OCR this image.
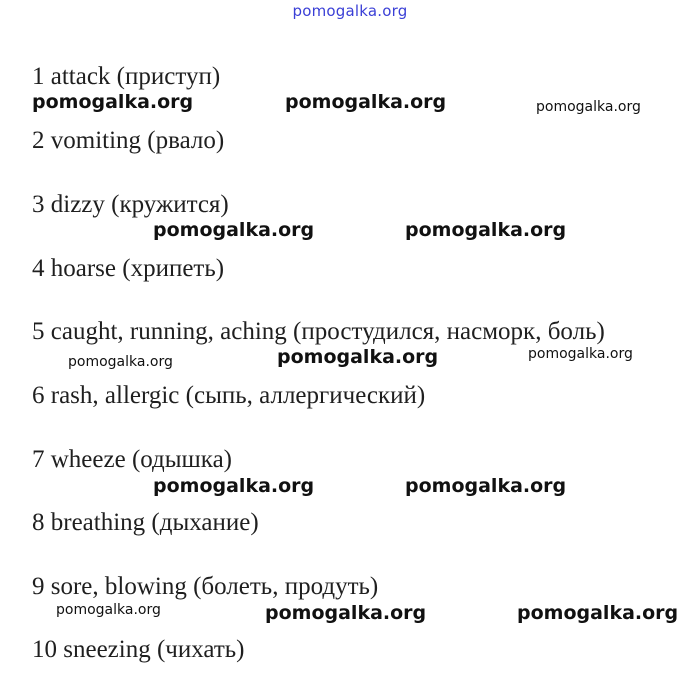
pomogalka.org
1 attack (приступ)
2 vomiting (рвало)
3 dizzy (кружится)
4 hoarse (хрипеть)
5 caught, running, aching (простудился, насморк, боль)
6 rash, allergic (сыпь, аллергический)
7 wheeze (одышка)
8 breathing (дыхание)
9 sore, blowing (болеть, продуть)
10 sneezing (чихать)
pomogalka.org	pomogalka.org	pomogalka.org
pomogalka.org	pomogalka.org
pomogalka.org	pomogalka.org	pomogalka.org
pomogalka.org	pomogalka.org
pomogalka.org	pomogalka.org	pomogalka.org
